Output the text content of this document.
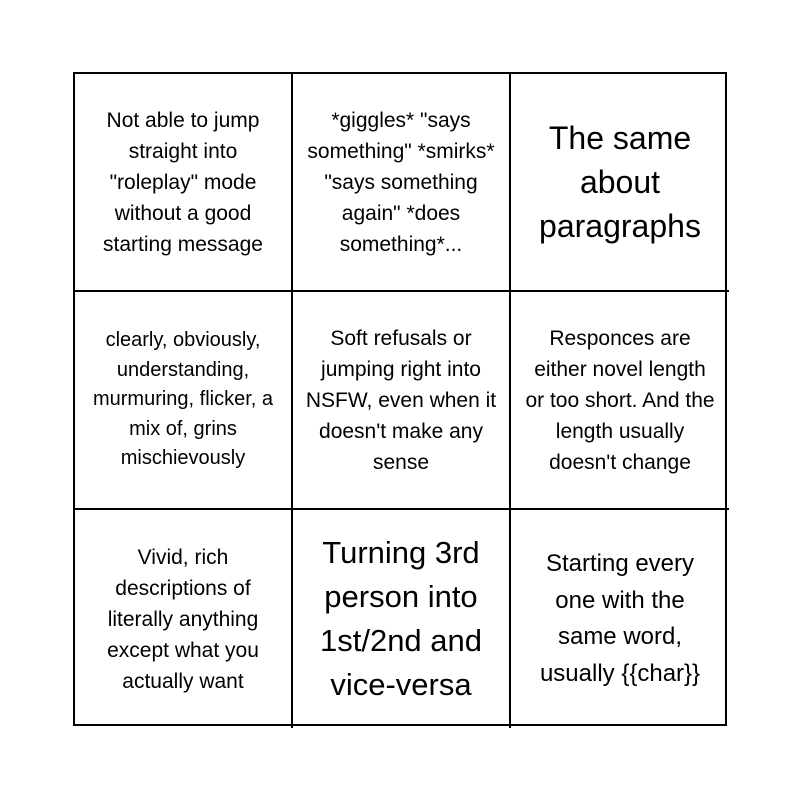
Not able to jump straight into "roleplay" mode without a good starting message
*giggles* "says something" *smirks* "says something again" *does something*...
The same about paragraphs
clearly, obviously, understanding, murmuring, flicker, a mix of, grins mischievously
Soft refusals or jumping right into NSFW, even when it doesn't make any sense
Responces are either novel length or too short. And the length usually doesn't change
Vivid, rich descriptions of literally anything except what you actually want
Turning 3rd person into 1st/2nd and vice-versa
Starting every one with the same word, usually {{char}}
